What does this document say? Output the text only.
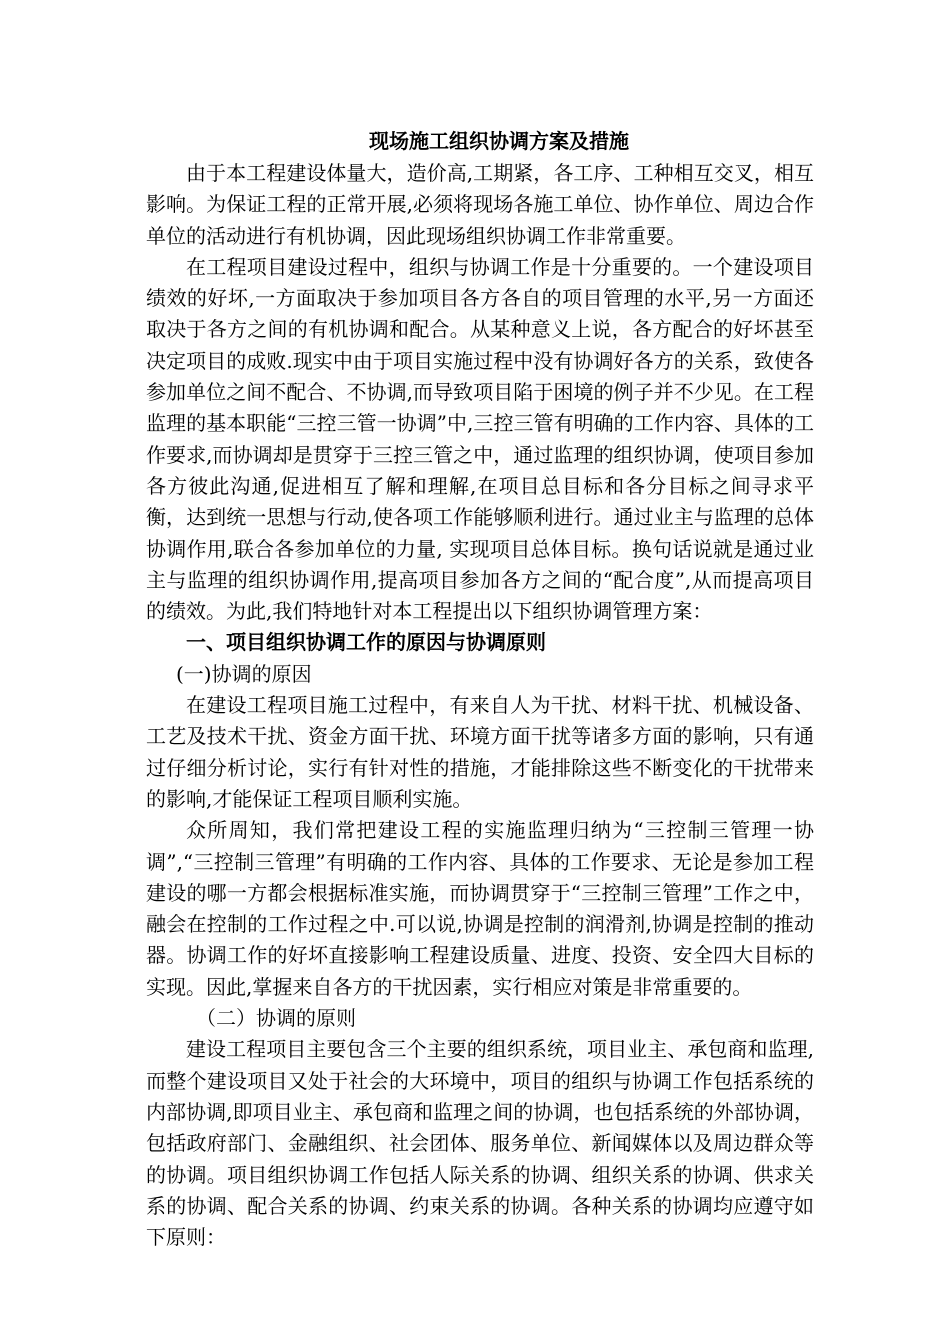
现场施工组织协调方案及措施

由于本工程建设体量大，造价高,工期紧，各工序、工种相互交叉，相互影响。为保证工程的正常开展,必须将现场各施工单位、协作单位、周边合作单位的活动进行有机协调，因此现场组织协调工作非常重要。

在工程项目建设过程中，组织与协调工作是十分重要的。一个建设项目绩效的好坏,一方面取决于参加项目各方各自的项目管理的水平,另一方面还取决于各方之间的有机协调和配合。从某种意义上说，各方配合的好坏甚至决定项目的成败.现实中由于项目实施过程中没有协调好各方的关系，致使各参加单位之间不配合、不协调,而导致项目陷于困境的例子并不少见。在工程监理的基本职能“三控三管一协调”中,三控三管有明确的工作内容、具体的工作要求,而协调却是贯穿于三控三管之中，通过监理的组织协调，使项目参加各方彼此沟通,促进相互了解和理解,在项目总目标和各分目标之间寻求平衡，达到统一思想与行动,使各项工作能够顺利进行。通过业主与监理的总体协调作用,联合各参加单位的力量, 实现项目总体目标。换句话说就是通过业主与监理的组织协调作用,提高项目参加各方之间的“配合度”,从而提高项目的绩效。为此,我们特地针对本工程提出以下组织协调管理方案：

一、项目组织协调工作的原因与协调原则

(一)协调的原因

在建设工程项目施工过程中，有来自人为干扰、材料干扰、机械设备、工艺及技术干扰、资金方面干扰、环境方面干扰等诸多方面的影响，只有通过仔细分析讨论，实行有针对性的措施，才能排除这些不断变化的干扰带来的影响,才能保证工程项目顺利实施。

众所周知，我们常把建设工程的实施监理归纳为“三控制三管理一协调”,“三控制三管理”有明确的工作内容、具体的工作要求、无论是参加工程建设的哪一方都会根据标准实施，而协调贯穿于“三控制三管理”工作之中，融会在控制的工作过程之中.可以说,协调是控制的润滑剂,协调是控制的推动器。协调工作的好坏直接影响工程建设质量、进度、投资、安全四大目标的实现。因此,掌握来自各方的干扰因素，实行相应对策是非常重要的。

（二）协调的原则

建设工程项目主要包含三个主要的组织系统，项目业主、承包商和监理,而整个建设项目又处于社会的大环境中，项目的组织与协调工作包括系统的内部协调,即项目业主、承包商和监理之间的协调，也包括系统的外部协调，包括政府部门、金融组织、社会团体、服务单位、新闻媒体以及周边群众等的协调。项目组织协调工作包括人际关系的协调、组织关系的协调、供求关系的协调、配合关系的协调、约束关系的协调。各种关系的协调均应遵守如下原则：
